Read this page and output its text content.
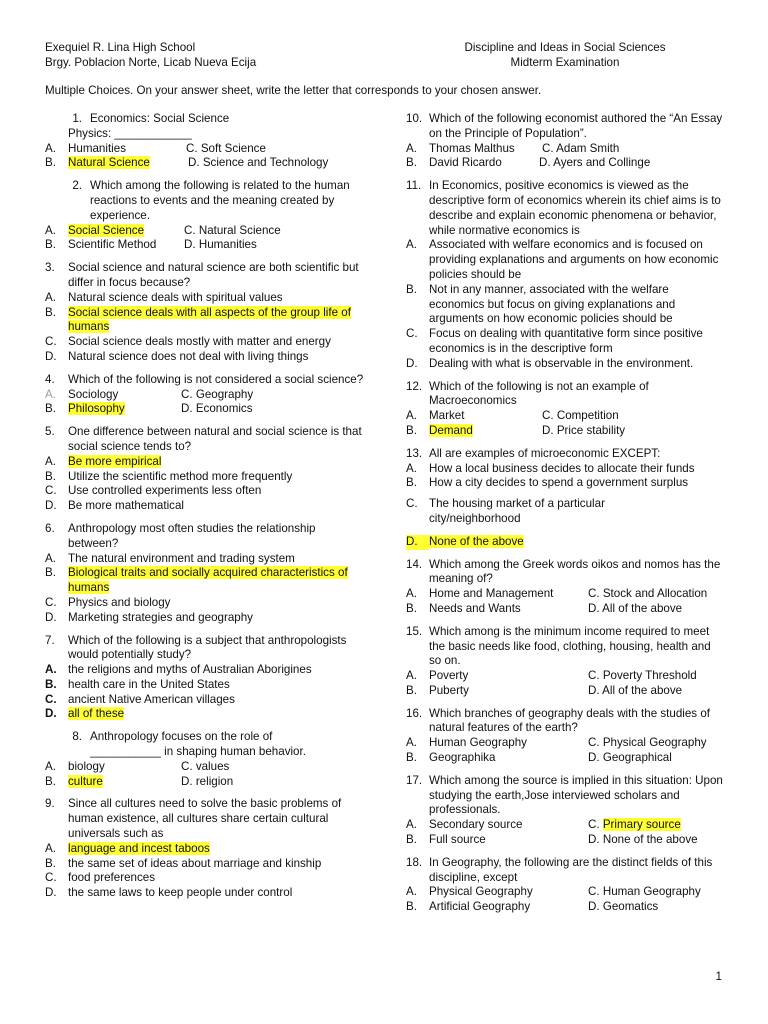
Exequiel R. Lina High School
Brgy. Poblacion Norte, Licab Nueva Ecija
Discipline and Ideas in Social Sciences
Midterm Examination
Multiple Choices. On your answer sheet, write the letter that corresponds to your chosen answer.
1. Economics: Social Science
Physics: ____________
A.	Humanities	C. Soft Science
B.	Natural Science	D. Science and Technology
2. Which among the following is related to the human reactions to events and the meaning created by experience.
A.	Social Science	C. Natural Science
B.	Scientific Method	D. Humanities
3.	Social science and natural science are both scientific but differ in focus because?
A.	Natural science deals with spiritual values
B.	Social science deals with all aspects of the group life of humans
C. Social science deals mostly with matter and energy
D. Natural science does not deal with living things
4.	Which of the following is not considered a social science?
A.	Sociology	C. Geography
B.	Philosophy	D. Economics
5.	One difference between natural and social science is that social science tends to?
A.	Be more empirical
B.	Utilize the scientific method more frequently
C. Use controlled experiments less often
D. Be more mathematical
6.	Anthropology most often studies the relationship between?
A.	The natural environment and trading system
B.	Biological traits and socially acquired characteristics of humans
C. Physics and biology
D. Marketing strategies and geography
7.	Which of the following is a subject that anthropologists would potentially study?
A. the religions and myths of Australian Aborigines
B. health care in the United States
C. ancient Native American villages
D. all of these
8. Anthropology focuses on the role of
___________ in shaping human behavior.
A.	biology	C. values
B.	culture	D. religion
9.	Since all cultures need to solve the basic problems of human existence, all cultures share certain cultural universals such as
A.	language and incest taboos
B.	the same set of ideas about marriage and kinship
C. food preferences
D. the same laws to keep people under control
10. Which of the following economist authored the “An Essay on the Principle of Population”.
A.	Thomas Malthus	C. Adam Smith
B.	David Ricardo	D. Ayers and Collinge
11. In Economics, positive economics is viewed as the descriptive form of economics wherein its chief aims is to describe and explain economic phenomena or behavior, while normative economics is
A.	Associated with welfare economics and is focused on providing explanations and arguments on how economic policies should be
B.	Not in any manner, associated with the welfare economics but focus on giving explanations and arguments on how economic policies should be
C. Focus on dealing with quantitative form since positive economics is in the descriptive form
D. Dealing with what is observable in the environment.
12. Which of the following is not an example of Macroeconomics
A.	Market	C. Competition
B.	Demand	D. Price stability
13. All are examples of microeconomic EXCEPT:
A.	How a local business decides to allocate their funds
B.	How a city decides to spend a government surplus
C. The housing market of a particular city/neighborhood
D. None of the above
14. Which among the Greek words oikos and nomos has the meaning of?
A.	Home and Management	C. Stock and Allocation
B.	Needs and Wants	D. All of the above
15. Which among is the minimum income required to meet the basic needs like food, clothing, housing, health and so on.
A.	Poverty	C. Poverty Threshold
B.	Puberty	D. All of the above
16. Which branches of geography deals with the studies of natural features of the earth?
A.	Human Geography	C. Physical Geography
B.	Geographika	D. Geographical
17. Which among the source is implied in this situation: Upon studying the earth,Jose interviewed scholars and professionals.
A.	Secondary source	C. Primary source
B.	Full source	D. None of the above
18. In Geography, the following are the distinct fields of this discipline, except
A.	Physical Geography	C. Human Geography
B.	Artificial Geography	D. Geomatics
1
